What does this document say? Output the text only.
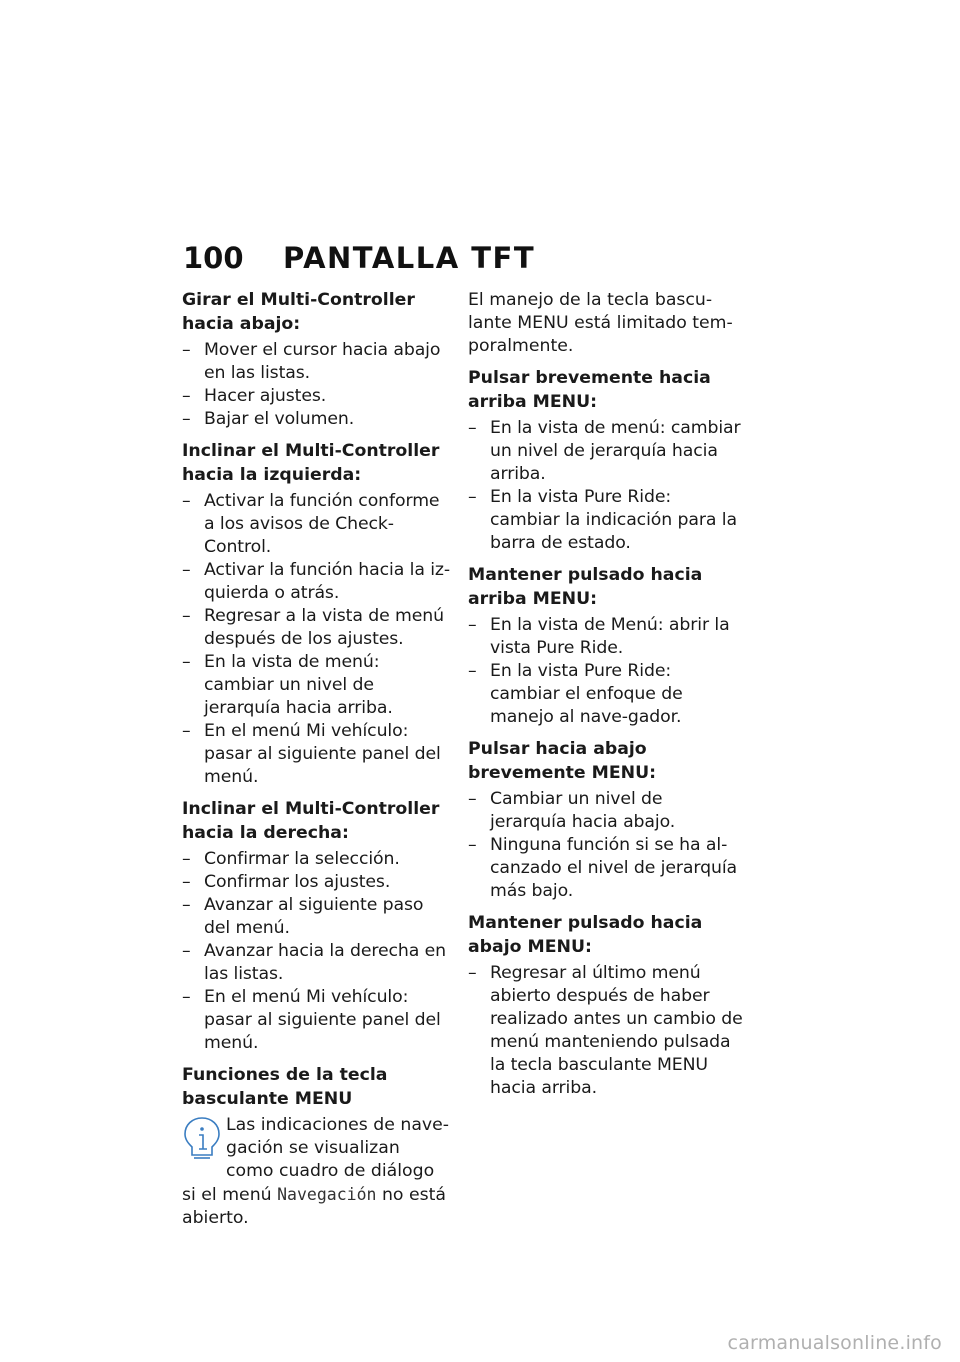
100 PANTALLA TFT
Girar el Multi-Controller hacia abajo:
– Mover el cursor hacia abajo en las listas.
– Hacer ajustes.
– Bajar el volumen.
Inclinar el Multi-Controller hacia la izquierda:
– Activar la función conforme a los avisos de Check-Control.
– Activar la función hacia la iz-quierda o atrás.
– Regresar a la vista de menú después de los ajustes.
– En la vista de menú: cambiar un nivel de jerarquía hacia arriba.
– En el menú Mi vehículo: pasar al siguiente panel del menú.
Inclinar el Multi-Controller hacia la derecha:
– Confirmar la selección.
– Confirmar los ajustes.
– Avanzar al siguiente paso del menú.
– Avanzar hacia la derecha en las listas.
– En el menú Mi vehículo: pasar al siguiente panel del menú.
Funciones de la tecla basculante MENU
Las indicaciones de nave-gación se visualizan como cuadro de diálogo si el menú Navegación no está abierto.

El manejo de la tecla bascu-lante MENU está limitado tem-poralmente.

Pulsar brevemente hacia arriba MENU:
– En la vista de menú: cambiar un nivel de jerarquía hacia arriba.
– En la vista Pure Ride: cambiar la indicación para la barra de estado.
Mantener pulsado hacia arriba MENU:
– En la vista de Menú: abrir la vista Pure Ride.
– En la vista Pure Ride: cambiar el enfoque de manejo al nave-gador.
Pulsar hacia abajo brevemente MENU:
– Cambiar un nivel de jerarquía hacia abajo.
– Ninguna función si se ha al-canzado el nivel de jerarquía más bajo.
Mantener pulsado hacia abajo MENU:
– Regresar al último menú abierto después de haber realizado antes un cambio de menú manteniendo pulsada la tecla basculante MENU hacia arriba.
carmanualsonline.info
